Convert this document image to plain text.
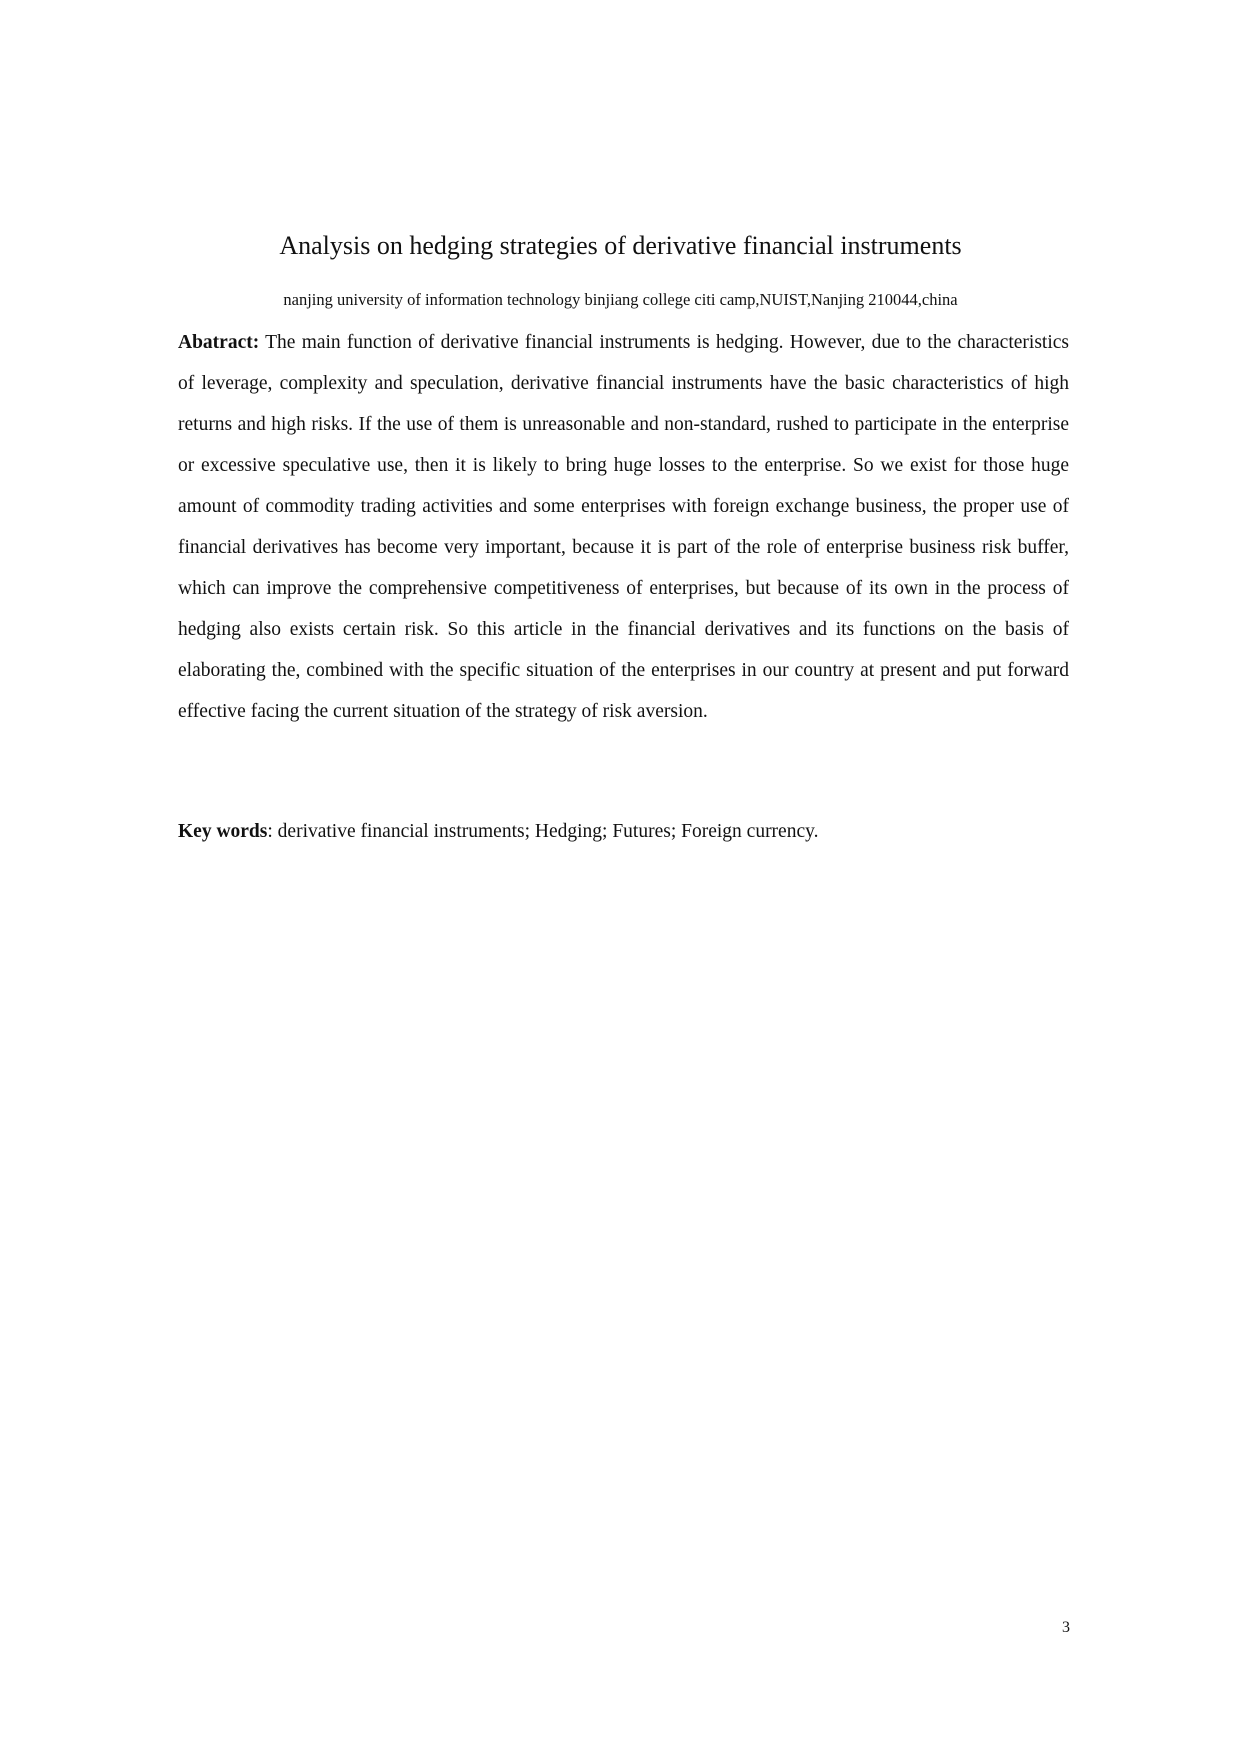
Analysis on hedging strategies of derivative financial instruments

nanjing university of information technology binjiang college citi camp,NUIST,Nanjing 210044,china

Abatract: The main function of derivative financial instruments is hedging. However, due to the characteristics of leverage, complexity and speculation, derivative financial instruments have the basic characteristics of high returns and high risks. If the use of them is unreasonable and non-standard, rushed to participate in the enterprise or excessive speculative use, then it is likely to bring huge losses to the enterprise. So we exist for those huge amount of commodity trading activities and some enterprises with foreign exchange business, the proper use of financial derivatives has become very important, because it is part of the role of enterprise business risk buffer, which can improve the comprehensive competitiveness of enterprises, but because of its own in the process of hedging also exists certain risk. So this article in the financial derivatives and its functions on the basis of elaborating the, combined with the specific situation of the enterprises in our country at present and put forward effective facing the current situation of the strategy of risk aversion.

Key words: derivative financial instruments; Hedging; Futures; Foreign currency.

3
